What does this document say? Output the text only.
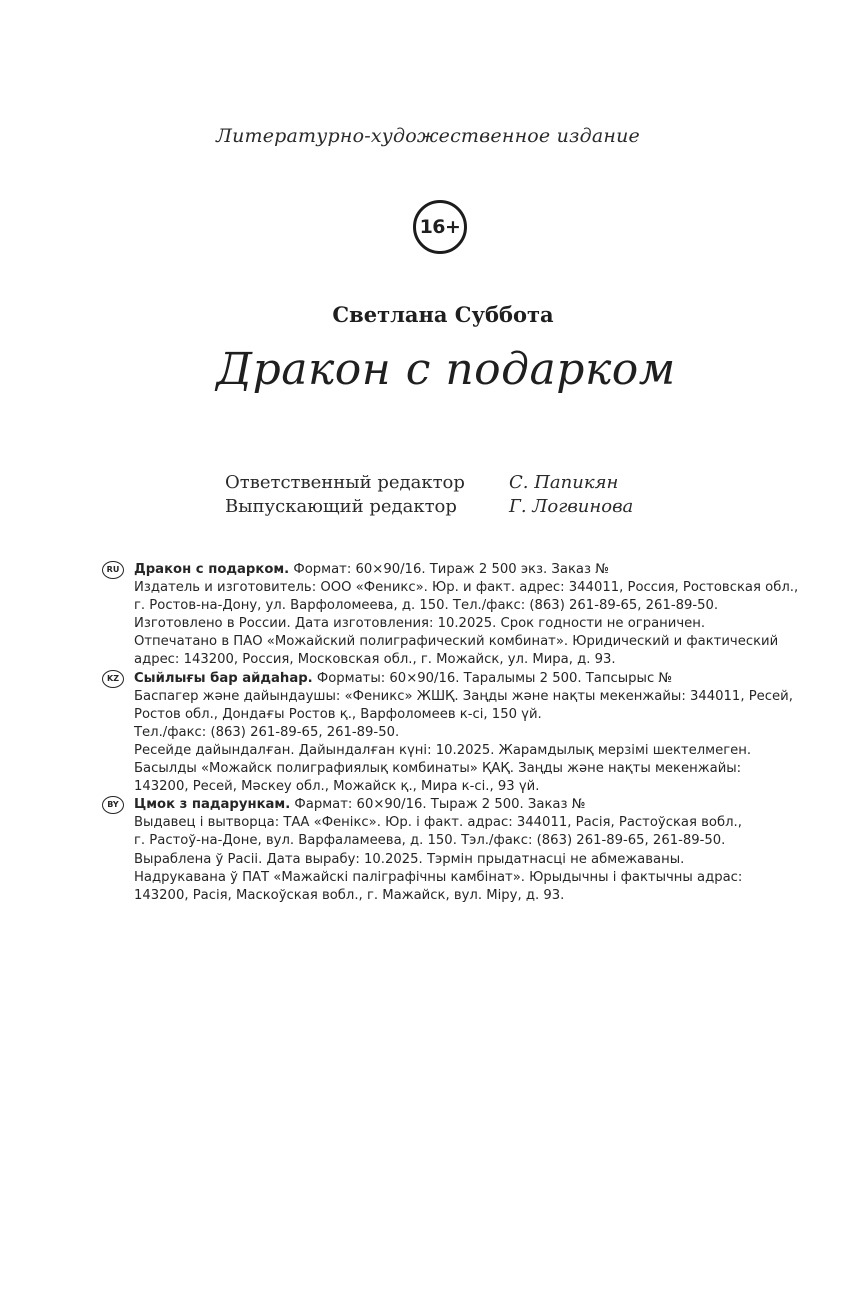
Литературно-художественное издание
16+
Светлана Суббота
Дракон с подарком
Ответственный редактор	С. Папикян
Выпускающий редактор	Г. Логвинова
RU	Дракон с подарком. Формат: 60×90/16. Тираж 2 500 экз. Заказ №
Издатель и изготовитель: ООО «Феникс». Юр. и факт. адрес: 344011, Россия, Ростовская обл.,
г. Ростов-на-Дону, ул. Варфоломеева, д. 150. Тел./факс: (863) 261-89-65, 261-89-50.
Изготовлено в России. Дата изготовления: 10.2025. Срок годности не ограничен.
Отпечатано в ПАО «Можайский полиграфический комбинат». Юридический и фактический
адрес: 143200, Россия, Московская обл., г. Можайск, ул. Мира, д. 93.
KZ	Сыйлығы бар айдаһар. Форматы: 60×90/16. Таралымы 2 500. Тапсырыс №
Баспагер және дайындаушы: «Феникс» ЖШҚ. Заңды және нақты мекенжайы: 344011, Ресей,
Ростов обл., Дондағы Ростов қ., Варфоломеев к-сі, 150 үй.
Тел./факс: (863) 261-89-65, 261-89-50.
Ресейде дайындалған. Дайындалған күні: 10.2025. Жарамдылық мерзімі шектелмеген.
Басылды «Можайск полиграфиялық комбинаты» ҚАҚ. Заңды және нақты мекенжайы:
143200, Ресей, Мәскеу обл., Можайск қ., Мира к-сі., 93 үй.
BY	Цмок з падарункам. Фармат: 60×90/16. Тыраж 2 500. Заказ №
Выдавец і вытворца: ТАА «Фенікс». Юр. і факт. адрас: 344011, Расія, Растоўская вобл.,
г. Растоў-на-Доне, вул. Варфаламеева, д. 150. Тэл./факс: (863) 261-89-65, 261-89-50.
Выраблена ў Расіі. Дата вырабу: 10.2025. Тэрмін прыдатнасці не абмежаваны.
Надрукавана ў ПАТ «Мажайскі паліграфічны камбінат». Юрыдычны і фактычны адрас:
143200, Расія, Маскоўская вобл., г. Мажайск, вул. Міру, д. 93.
